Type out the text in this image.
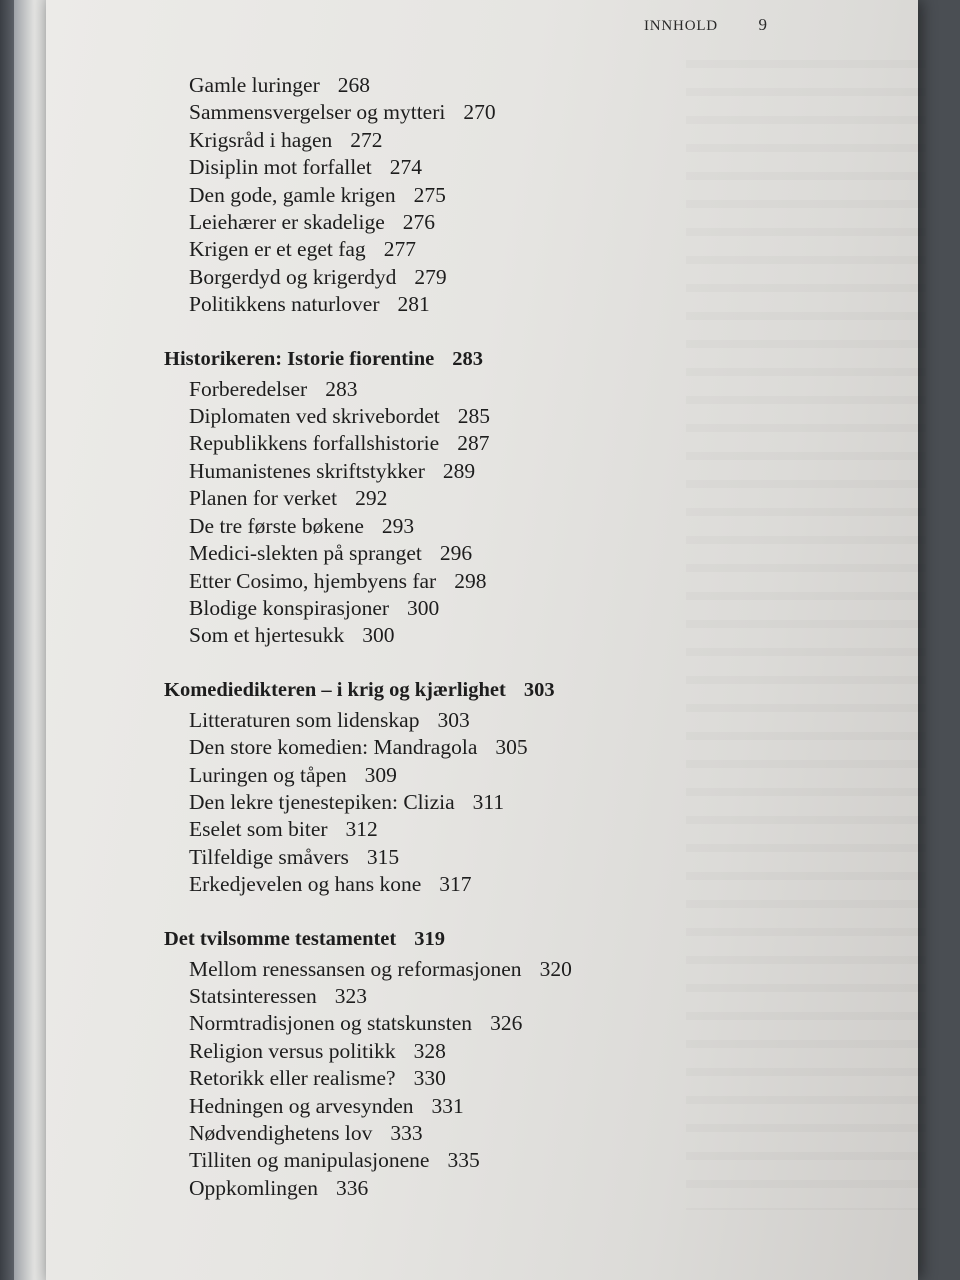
INNHOLD 9
Gamle luringer 268
Sammensvergelser og mytteri 270
Krigsråd i hagen 272
Disiplin mot forfallet 274
Den gode, gamle krigen 275
Leiehærer er skadelige 276
Krigen er et eget fag 277
Borgerdyd og krigerdyd 279
Politikkens naturlover 281
Historikeren: Istorie fiorentine 283
Forberedelser 283
Diplomaten ved skrivebordet 285
Republikkens forfallshistorie 287
Humanistenes skriftstykker 289
Planen for verket 292
De tre første bøkene 293
Medici-slekten på spranget 296
Etter Cosimo, hjembyens far 298
Blodige konspirasjoner 300
Som et hjertesukk 300
Komediedikteren – i krig og kjærlighet 303
Litteraturen som lidenskap 303
Den store komedien: Mandragola 305
Luringen og tåpen 309
Den lekre tjenestepiken: Clizia 311
Eselet som biter 312
Tilfeldige småvers 315
Erkedjevelen og hans kone 317
Det tvilsomme testamentet 319
Mellom renessansen og reformasjonen 320
Statsinteressen 323
Normtradisjonen og statskunsten 326
Religion versus politikk 328
Retorikk eller realisme? 330
Hedningen og arvesynden 331
Nødvendighetens lov 333
Tilliten og manipulasjonene 335
Oppkomlingen 336
